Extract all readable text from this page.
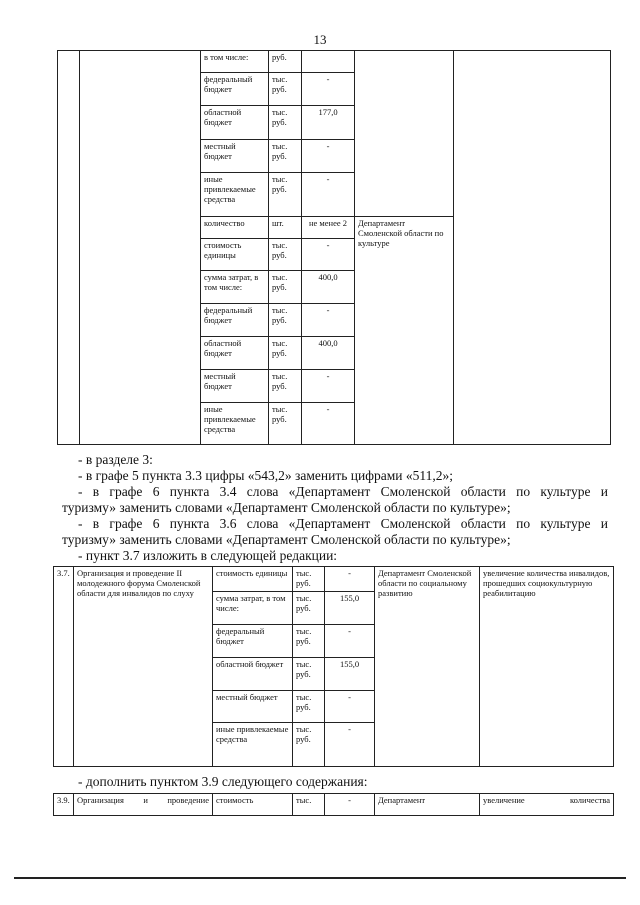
13
		в том числе:	руб.			
		федеральный бюджет	тыс. руб.	-		
		областной бюджет	тыс. руб.	177,0		
		местный бюджет	тыс. руб.	-		
		иные привлекаемые средства	тыс. руб.	-		
		количество	шт.	не менее 2	Департамент Смоленской области по культуре	
		стоимость единицы	тыс. руб.	-		
		сумма затрат, в том числе:	тыс. руб.	400,0		
		федеральный бюджет	тыс. руб.	-		
		областной бюджет	тыс. руб.	400,0		
		местный бюджет	тыс. руб.	-		
		иные привлекаемые средства	тыс. руб.	-		
- в разделе 3:
- в графе 5 пункта 3.3 цифры «543,2» заменить цифрами «511,2»;
- в графе 6 пункта 3.4 слова «Департамент Смоленской области по культуре и
туризму» заменить словами «Департамент Смоленской области по культуре»;
- в графе 6 пункта 3.6 слова «Департамент Смоленской области по культуре и
туризму» заменить словами «Департамент Смоленской области по культуре»;
- пункт 3.7 изложить в следующей редакции:
3.7.	Организация и проведение II молодежного форума Смоленской области для инвалидов по слуху	стоимость единицы	тыс. руб.	-	Департамент Смоленской области по социальному развитию	увеличение количества инвалидов, прошедших социокультурную реабилитацию
		сумма затрат, в том числе:	тыс. руб.	155,0		
		федеральный бюджет	тыс. руб.	-		
		областной бюджет	тыс. руб.	155,0		
		местный бюджет	тыс. руб.	-		
		иные привлекаемые средства	тыс. руб.	-		
- дополнить пунктом 3.9 следующего содержания:
3.9.	Организация и проведение	стоимость	тыс.	-	Департамент	увеличение количества
